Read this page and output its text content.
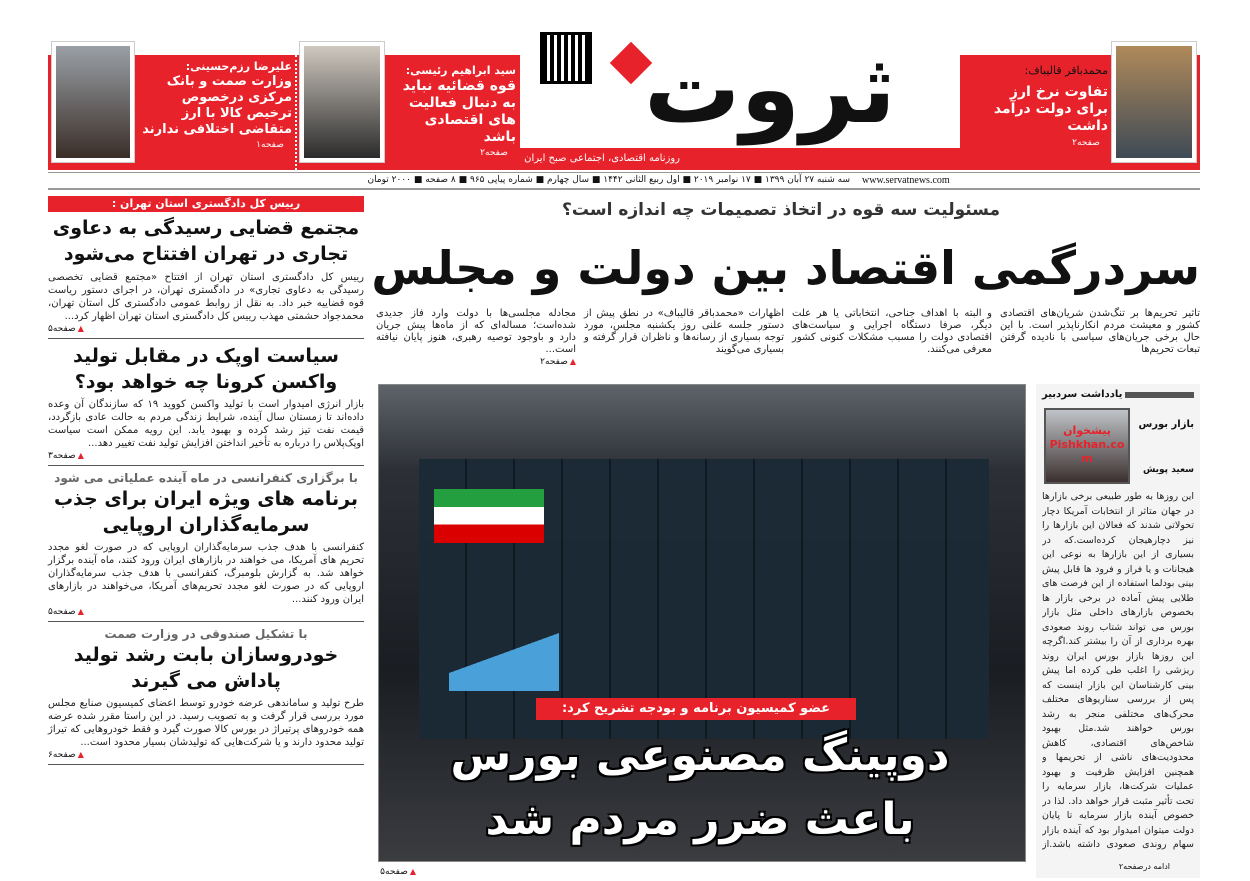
ثروت
روزنامه اقتصادی، اجتماعی صبح ایران
محمدباقر قالیباف:
تفاوت نرخ ارز برای دولت درآمد داشت
▲ صفحه۲
سید ابراهیم رئیسی:
قوه قضائیه نباید به دنبال فعالیت های اقتصادی باشد
▲ صفحه۲
علیرضا رزم‌حسینی:
وزارت صمت و بانک مرکزی درخصوص ترخیص کالا با ارز متقاضی اختلافی ندارند
▲ صفحه۱
سه شنبه ۲۷ آبان ۱۳۹۹ ■ ۱۷ نوامبر ۲۰۱۹ ■ اول ربیع الثانی ۱۴۴۲ ■ سال چهارم ■ شماره پیاپی ۹۶۵ ■ ۸ صفحه ■ ۲۰۰۰ تومان www.servatnews.com
مسئولیت سه قوه در اتخاذ تصمیمات چه اندازه است؟
سردرگمی اقتصاد بین دولت و مجلس
تاثیر تحریم‌ها بر تنگ‌شدن شریان‌های اقتصادی کشور و معیشت مردم انکارناپذیر است. با این حال برخی جریان‌های سیاسی با نادیده گرفتن تبعات تحریم‌ها
و البته با اهداف جناحی، انتخاباتی یا هر علت دیگر، صرفا دستگاه اجرایی و سیاست‌های اقتصادی دولت را مسبب مشکلات کنونی کشور معرفی می‌کنند.
اظهارات «محمدباقر قالیباف» در نطق پیش از دستور جلسه علنی روز یکشنبه مجلس، مورد توجه بسیاری از رسانه‌ها و ناظران قرار گرفته و بسیاری می‌گویند
مجادله مجلسی‌ها با دولت وارد فاز جدیدی شده‌است؛ مساله‌ای که از ماه‌ها پیش جریان دارد و باوجود توصیه رهبری، هنوز پایان نیافته است...
▲ صفحه۲
عضو کمیسیون برنامه و بودجه تشریح کرد:
دوپینگ مصنوعی بورس
باعث ضرر مردم شد
▲ صفحه۵
رییس کل دادگستری استان تهران :
مجتمع قضایی رسیدگی به دعاوی تجاری در تهران افتتاح می‌شود
رییس کل دادگستری استان تهران از افتتاح «مجتمع قضایی تخصصی رسیدگی به دعاوی تجاری» در دادگستری تهران، در اجرای دستور ریاست قوه قضاییه خبر داد. به نقل از روابط عمومی دادگستری کل استان تهران، محمدجواد حشمتی مهذب رییس کل دادگستری استان تهران اظهار کرد...
▲ صفحه۵
سیاست اوپک در مقابل تولید واکسن کرونا چه خواهد بود؟
بازار انرژی امیدوار است با تولید واکسن کووید ۱۹ که سازندگان آن وعده داده‌اند تا زمستان سال آینده، شرایط زندگی مردم به حالت عادی بازگردد، قیمت نفت تیز رشد کرده و بهبود یابد. این رویه ممکن است سیاست اوپک‌پلاس را درباره به تأخیر انداختن افزایش تولید نفت تغییر دهد...
▲ صفحه۳
با برگزاری کنفرانسی در ماه آینده عملیاتی می شود
برنامه های ویژه ایران برای جذب سرمایه‌گذاران اروپایی
کنفرانسی با هدف جذب سرمایه‌گذاران اروپایی که در صورت لغو مجدد تحریم های آمریکا، می خواهند در بازارهای ایران ورود کنند، ماه آینده برگزار خواهد شد. به گزارش بلومبرگ، کنفرانسی با هدف جذب سرمایه‌گذاران اروپایی که در صورت لغو مجدد تحریم‌های آمریکا، می‌خواهند در بازارهای ایران ورود کنند...
▲ صفحه۵
با تشکیل صندوقی در وزارت صمت
خودروسازان بابت رشد تولید پاداش می گیرند
طرح تولید و ساماندهی عرضه خودرو توسط اعضای کمیسیون صنایع مجلس مورد بررسی قرار گرفت و به تصویب رسید. در این راستا مقرر شده عرضه همه خودروهای پرتیراژ در بورس کالا صورت گیرد و فقط خودروهایی که تیراژ تولید محدود دارند و یا شرکت‌هایی که تولیدشان بسیار محدود است...
▲ صفحه۶
یادداشت سردبیر
پیشخوان Pishkhan.com
بازار بورس
سعید پویش
این روزها به طور طبیعی برخی بازارها در جهان متاثر از انتخابات آمریکا دچار تحولاتی شدند که فعالان این بازارها را نیز دچارهیجان کرده‌است.که در بسیاری از این بازارها به نوعی این هیجانات و یا فراز و فرود ها قابل پیش بینی بودلما استفاده از این فرصت های طلایی پیش آماده در برخی بازار ها بخصوص بازارهای داخلی مثل بازار بورس می تواند شتاب روند صعودی بهره برداری از آن را بیشتر کند.اگرچه این روزها بازار بورس ایران روند ریزشی را اغلب طی کرده اما پیش بینی کارشناسان این بازار اینست که پس از بررسی سناریوهای مختلف محرک‌های مختلفی منجر به رشد بورس خواهند شد.مثل بهبود شاخص‌های اقتصادی، کاهش محدودیت‌های ناشی از تحریمها و همچنین افزایش ظرفیت و بهبود عملیات شرکت‌ها، بازار سرمایه را تحت تأثیر مثبت قرار خواهد داد. لذا در خصوص آینده بازار سرمایه تا پایان دولت میتوان امیدوار بود که آینده بازار سهام روندی صعودی داشته باشد.از
ادامه درصفحه۲
